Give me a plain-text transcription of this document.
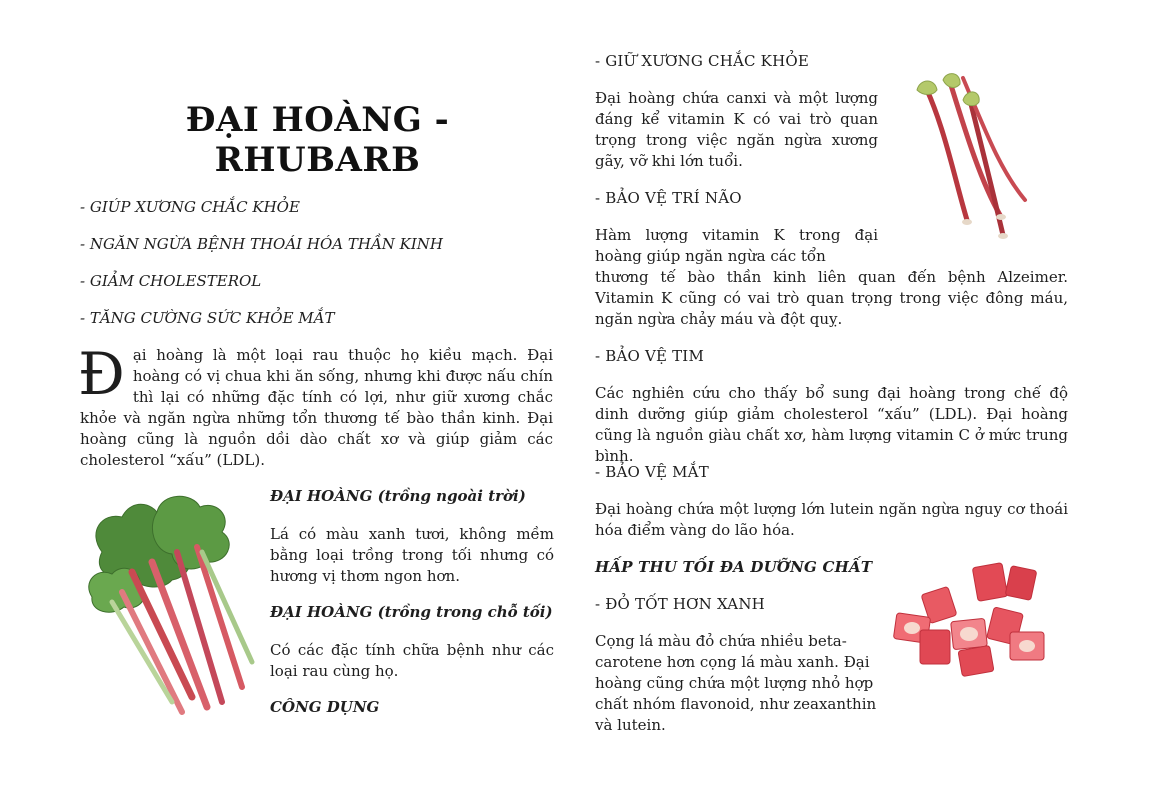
ĐẠI HOÀNG - RHUBARB
- GIÚP XƯƠNG CHẮC KHỎE
- NGĂN NGỪA BỆNH THOÁI HÓA THẦN KINH
- GIẢM CHOLESTEROL
- TĂNG CƯỜNG SỨC KHỎE MẮT

Đại hoàng là một loại rau thuộc họ kiều mạch. Đại hoàng có vị chua khi ăn sống, nhưng khi được nấu chín thì lại có những đặc tính có lợi, như giữ xương chắc khỏe và ngăn ngừa những tổn thương tế bào thần kinh. Đại hoàng cũng là nguồn dồi dào chất xơ và giúp giảm các cholesterol “xấu” (LDL).

ĐẠI HOÀNG (trồng ngoài trời)

Lá có màu xanh tươi, không mềm bằng loại trồng trong tối nhưng có hương vị thơm ngon hơn.

ĐẠI HOÀNG (trồng trong chỗ tối)

Có các đặc tính chữa bệnh như các loại rau cùng họ.

CÔNG DỤNG

- GIỮ XƯƠNG CHẮC KHỎE

Đại hoàng chứa canxi và một lượng đáng kể vitamin K có vai trò quan trọng trong việc ngăn ngừa xương gãy, vỡ khi lớn tuổi.

- BẢO VỆ TRÍ NÃO

Hàm lượng vitamin K trong đại hoàng giúp ngăn ngừa các tổn

thương tế bào thần kinh liên quan đến bệnh Alzeimer. Vitamin K cũng có vai trò quan trọng trong việc đông máu, ngăn ngừa chảy máu và đột quỵ.

- BẢO VỆ TIM

Các nghiên cứu cho thấy bổ sung đại hoàng trong chế độ dinh dưỡng giúp giảm cholesterol “xấu” (LDL). Đại hoàng cũng là nguồn giàu chất xơ, hàm lượng vitamin C ở mức trung bình.

- BẢO VỆ MẮT

Đại hoàng chứa một lượng lớn lutein ngăn ngừa nguy cơ thoái hóa điểm vàng do lão hóa.

HẤP THU TỐI ĐA DƯỠNG CHẤT

- ĐỎ TỐT HƠN XANH

Cọng lá màu đỏ chứa nhiều beta-carotene hơn cọng lá màu xanh. Đại hoàng cũng chứa một lượng nhỏ hợp chất nhóm flavonoid, như zeaxanthin và lutein.
